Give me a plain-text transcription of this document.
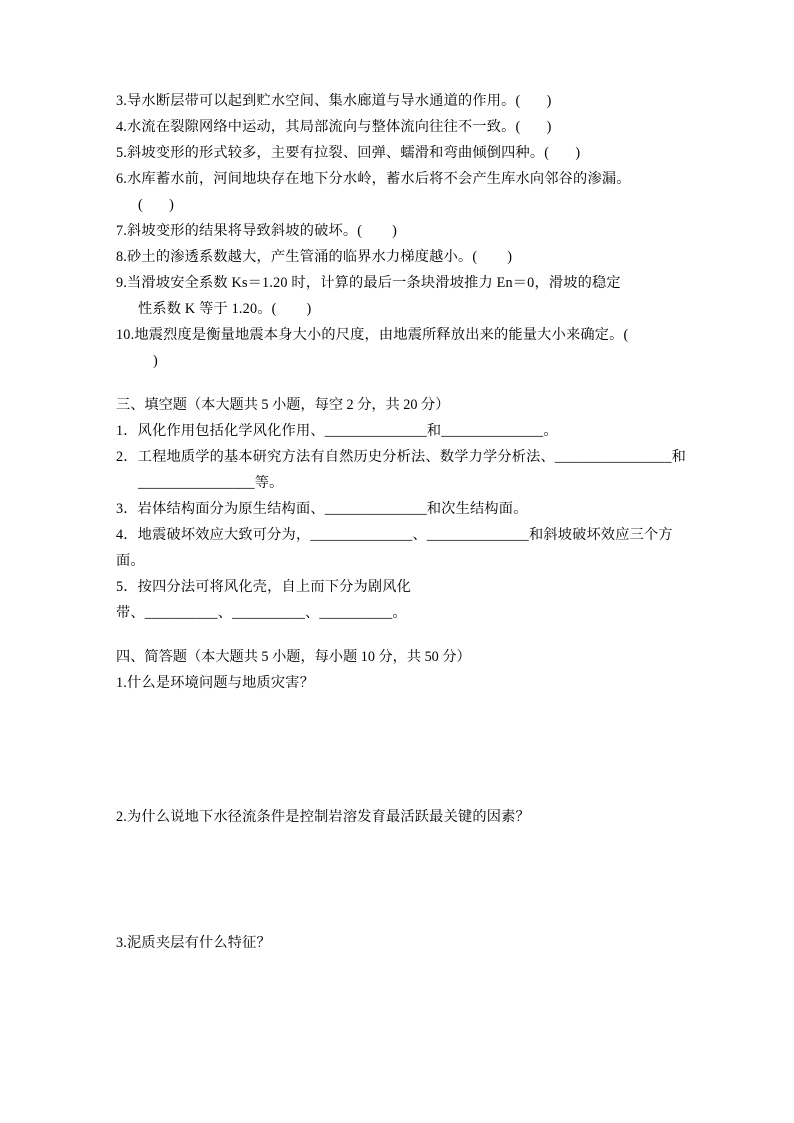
3.导水断层带可以起到贮水空间、集水廊道与导水通道的作用。(       )
4.水流在裂隙网络中运动，其局部流向与整体流向往往不一致。(       )
5.斜坡变形的形式较多，主要有拉裂、回弹、蠕滑和弯曲倾倒四种。(       )
6.水库蓄水前，河间地块存在地下分水岭，蓄水后将不会产生库水向邻谷的渗漏。
(       )
7.斜坡变形的结果将导致斜坡的破坏。(        )
8.砂土的渗透系数越大，产生管涌的临界水力梯度越小。(        )
9.当滑坡安全系数 Ks＝1.20 时，计算的最后一条块滑坡推力 En＝0，滑坡的稳定
性系数 K 等于 1.20。(        )
10.地震烈度是衡量地震本身大小的尺度，由地震所释放出来的能量大小来确定。(
)
三、填空题（本大题共 5 小题，每空 2 分，共 20 分）
1．风化作用包括化学风化作用、______________和______________。
2．工程地质学的基本研究方法有自然历史分析法、数学力学分析法、________________和
________________等。
3．岩体结构面分为原生结构面、______________和次生结构面。
4．地震破坏效应大致可分为，______________、______________和斜坡破坏效应三个方面。
5．按四分法可将风化壳，自上而下分为剧风化
带、__________、__________、__________。
四、简答题（本大题共 5 小题，每小题 10 分，共 50 分）
1.什么是环境问题与地质灾害？
2.为什么说地下水径流条件是控制岩溶发育最活跃最关键的因素？
3.泥质夹层有什么特征？
